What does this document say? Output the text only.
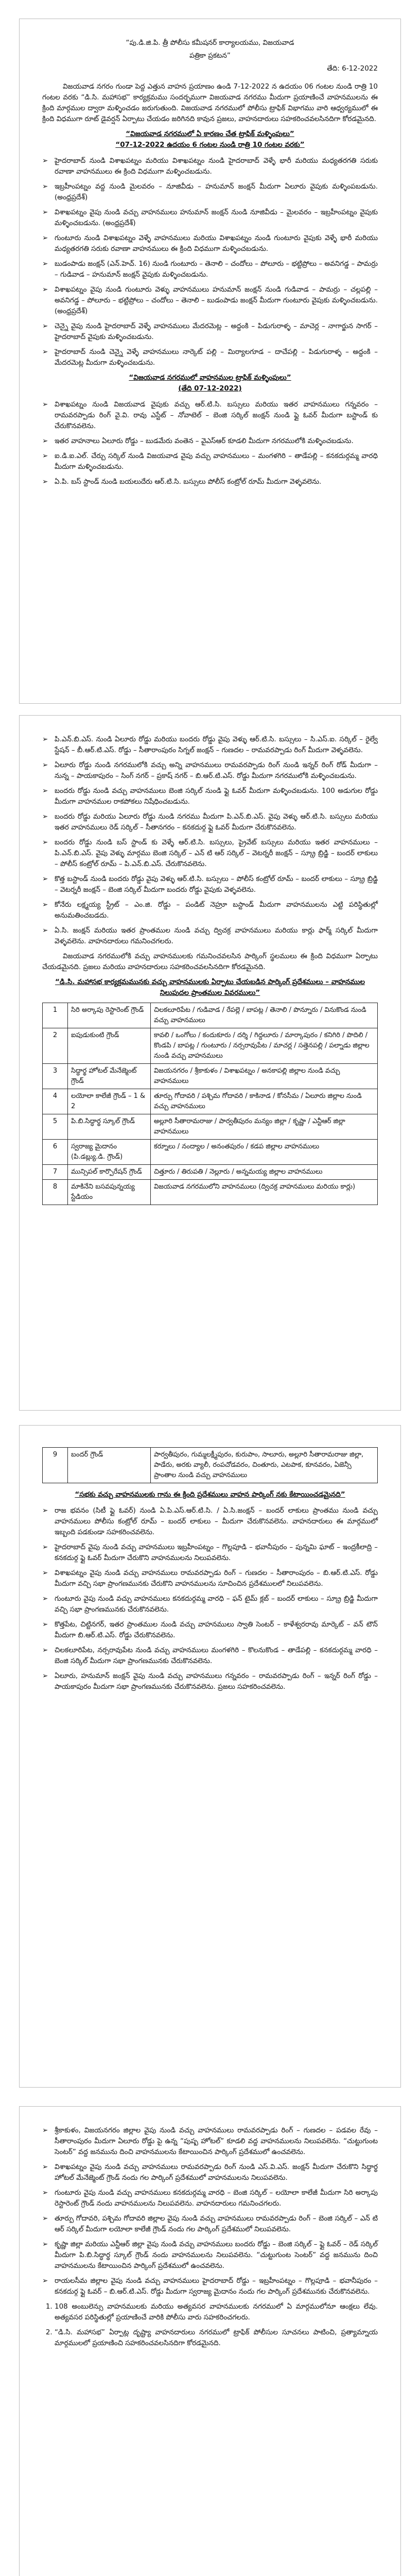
“పు.డి.జి.పి. త్రీ పోలీసు కమీషనర్ కార్యాలయము, విజయవాడ
పత్రికా ప్రకటన”
తేది: 6-12-2022

విజయవాడ నగరం గుండా పెద్ద ఎత్తున వాహన ప్రయాణం ఉండి 7-12-2022 న ఉదయం 06 గంటల నుండి రాత్రి 10 గంటల వరకు “డి.సి. మహాసభ” కార్యక్రమము సందర్భముగా విజయవాడ నగరము మీదుగా ప్రయాణించే వాహనములను ఈ క్రింది మార్గముల ద్వారా మళ్ళించడం జరుగుతుంది. విజయవాడ నగరములో పోలీసు ట్రాఫిక్ విభాగము వారి ఆధ్వర్యములో ఈ క్రింది విధముగా రూట్ డైవర్షన్ ఏర్పాటు చేయడం జరిగినది కావున ప్రజలు, వాహనదారులు సహకరించవలసినదిగా కోరడమైనది.

“విజయవాడ నగరములో ఏ కారణం చేత ట్రాఫిక్ మళ్ళింపులు”
“07-12-2022 ఉదయం 6 గంటల నుండి రాత్రి 10 గంటల వరకు”
➢ హైదరాబాద్ నుండి విశాఖపట్నం మరియు విశాఖపట్నం నుండి హైదరాబాద్ వెళ్ళే భారీ మరియు మధ్యతరగతి సరుకు రవాణా వాహనములు ఈ క్రింది విధముగా మళ్ళించబడును.
➢ ఇబ్రహీంపట్నం వద్ద నుండి మైలవరం – నూజివీడు – హనుమాన్ జంక్షన్ మీదుగా ఏలూరు వైపుకు మళ్ళింపబడును. (అంధ్రప్రదేశ్)
➢ విశాఖపట్నం వైపు నుండి వచ్చు వాహనములు హనుమాన్ జంక్షన్ నుండి నూజివీడు – మైలవరం – ఇబ్రహీంపట్నం వైపుకు మళ్ళించబడును. (అంధ్రప్రదేశ్)
➢ గుంటూరు నుండి విశాఖపట్నం వెళ్ళే వాహనములు మరియు విశాఖపట్నం నుండి గుంటూరు వైపుకు వెళ్ళే భారీ మరియు మధ్యతరగతి సరుకు రవాణా వాహనములు ఈ క్రింది విధముగా మళ్ళించబడును.
➢ బుడంపాడు జంక్షన్ (ఎన్.హెచ్. 16) నుండి గుంటూరు – తెనాలి – చందోలు – పోలూరు – భట్టిప్రోలు – అవనిగడ్డ – పామర్రు – గుడివాడ – హనుమాన్ జంక్షన్ వైపుకు మళ్ళించబడును.
➢ విశాఖపట్నం వైపు నుండి గుంటూరు వెళ్ళు వాహనములు హనుమాన్ జంక్షన్ నుండి గుడివాడ – పామర్రు – చల్లపల్లి – అవనిగడ్డ – పోలూరు – భట్టిప్రోలు – చందోలు – తెనాలి – బుడంపాడు జంక్షన్ మీదుగా గుంటూరు వైపుకు మళ్ళించబడును. (అంధ్రప్రదేశ్)
➢ చెన్నై వైపు నుండి హైదరాబాద్ వెళ్ళే వాహనములు మేదరమెట్ల – అద్దంకి – పిడుగురాళ్ళ – మాచెర్ల – నాగార్జున సాగర్ – హైదరాబాద్ వైపుకు మళ్ళించబడును.
➢ హైదరాబాద్ నుండి చెన్నై వెళ్ళే వాహనములు నార్కెట్ పల్లి – మిర్యాలగూడ – దాచేపల్లి – పిడుగురాళ్ళ – అద్దంకి – మేదరమెట్ల మీదుగా మళ్ళించబడును.
“విజయవాడ నగరములో వాహనముల ట్రాఫిక్ మళ్ళింపులు”
(తేది 07-12-2022)
➢ విశాఖపట్నం నుండి విజయవాడ వైపుకు వచ్చు ఆర్.టి.సి. బస్సులు మరియు ఇతర వాహనములు గన్నవరం – రామవరప్పాడు రింగ్ వై.వి. రావు ఎస్టేట్ – నోవాటెల్ – బెంజి సర్కిల్ జంక్షన్ నుండి ఫ్లై ఓవర్ మీదుగా బస్టాండ్ కు చేరుకొనవలెను.
➢ ఇతర వాహనాలు ఏలూరు రోడ్డు – బుడమేరు వంతెన – వైఎస్ఆర్ కూడలి మీదుగా నగరములోకి మళ్ళించబడును.
➢ ఐ.డి.ఐ.ఎల్. చేర్చు సర్కిల్ నుండి విజయవాడ వైపు వచ్చు వాహనములు – మంగళగిరి – తాడేపల్లి – కనకదుర్గమ్మ వారధి మీదుగా మళ్ళించబడును.
➢ ఏ.పి. బస్ స్టాండ్ నుండి బయలుదేరు ఆర్.టి.సి. బస్సులు పోలీస్ కంట్రోల్ రూమ్ మీదుగా వెళ్ళవలెను.
➢ పి.ఎన్.బి.ఎస్. నుండి ఏలూరు రోడ్డు మరియు బందరు రోడ్డు వైపు వెళ్ళు ఆర్.టి.సి. బస్సులు – సి.ఎస్.ఐ. సర్కిల్ – రైల్వే స్టేషన్ – బీ.ఆర్.టి.ఎస్. రోడ్డు – సీతారాంపురం సిగ్నల్ జంక్షన్ – గుణదల – రామవరప్పాడు రింగ్ మీదుగా వెళ్ళవలెను.
➢ ఏలూరు రోడ్డు నుండి నగరములోకి వచ్చు అన్ని వాహనములు రామవరప్పాడు రింగ్ నుండి ఇన్నర్ రింగ్ రోడ్ మీదుగా – నున్న – పాయకాపురం – సింగ్ నగర్ – ప్రకాష్ నగర్ – బి.ఆర్.టి.ఎస్. రోడ్డు మీదుగా నగరములోకి మళ్ళించబడును.
➢ బందరు రోడ్డు నుండి వచ్చు వాహనములు బెంజి సర్కిల్ నుండి ఫ్లై ఓవర్ మీదుగా మళ్ళించబడును. 100 అడుగుల రోడ్డు మీదుగా వాహనముల రాకపోకలు నిషేధించబడును.
➢ బందరు రోడ్డు మరియు ఏలూరు రోడ్డు నుండి నగరము మీదుగా పి.ఎన్.బి.ఎస్. వైపు వెళ్ళు ఆర్.టి.సి. బస్సులు మరియు ఇతర వాహనములు రెడ్ సర్కిల్ – సీతానగరం – కనకదుర్గ ఫ్లై ఓవర్ మీదుగా చేరుకొనవలెను.
➢ బందరు రోడ్డు నుండి బస్ స్టాండ్ కు వెళ్ళే ఆర్.టి.సి. బస్సులు, ప్రైవేట్ బస్సులు మరియు ఇతర వాహనములు – పి.ఎన్.బి.ఎస్. వైపు వెళ్ళు మార్గము బెంజి సర్కిల్ – ఎన్ టి ఆర్ సర్కిల్ – వెటర్నరీ జంక్షన్ – స్క్రూ బ్రిడ్జి – బందర్ లాకులు – పోలీస్ కంట్రోల్ రూమ్ – పి.ఎన్.బి.ఎస్. చేరుకొనవలెను.
➢ కొత్త బస్టాండ్ నుండి బందరు రోడ్డు వైపు వెళ్ళు ఆర్.టి.సి. బస్సులు – పోలీస్ కంట్రోల్ రూమ్ – బందర్ లాకులు – స్క్రూ బ్రిడ్జి – వెటర్నరీ జంక్షన్ – బెంజి సర్కిల్ మీదుగా బందరు రోడ్డు వైపుకు వెళ్ళవలెను.
➢ కోనేరు లక్ష్మయ్య స్ట్రీట్ – ఎం.జి. రోడ్డు – పండిట్ నెహ్రూ బస్టాండ్ మీదుగా వాహనములను ఎట్టి పరిస్థితుల్లో అనుమతించబడదు.
➢ ఏ.సి. జంక్షన్ మరియు ఇతర ప్రాంతముల నుండి వచ్చు ద్విచక్ర వాహనములు మరియు కార్లు ఫార్మ్ సర్కిల్ మీదుగా వెళ్ళవలెను. వాహనదారులు గమనించగలరు.

విజయవాడ నగరములోకి వచ్చు వాహనములకు గమనించవలసిన పార్కింగ్ స్థలములు ఈ క్రింది విధముగా ఏర్పాటు చేయడమైనది. ప్రజలు మరియు వాహనదారులు సహకరించవలసినదిగా కోరడమైనది.

“డి.సి. మహాసభ కార్యక్రమమునకు వచ్చు వాహనములకు ఏర్పాటు చేయబడిన పార్కింగ్ ప్రదేశములు – వాహనముల నిలుపుదల ప్రాంతముల వివరములు”
1	సిరి అర్కాపు రెస్టారెంట్ గ్రౌండ్	చిలకలూరిపేట / గుడివాడ / రేపల్లె / బాపట్ల / తెనాలి / పొన్నూరు / వినుకొండ నుండి వచ్చు వాహనములు
2	ఐపుడుకుంటి గ్రౌండ్	కావలి / ఒంగోలు / కందుకూరు / దర్శి / గిద్దలూరు / మార్కాపురం / కనిగిరి / పొదిలి / కొండపి / బాపట్ల / గుంటూరు / నర్సరావుపేట / మాచర్ల / సత్తెనపల్లి / పల్నాడు జిల్లాల నుండి వచ్చు వాహనములు
3	సిద్ధార్థ హోటల్ మేనేజ్మెంట్ గ్రౌండ్	విజయనగరం / శ్రీకాకుళం / విశాఖపట్నం / అనకాపల్లి జిల్లాల నుండి వచ్చు వాహనములు
4	లయోలా కాలేజీ గ్రౌండ్ – 1 & 2	తూర్పు గోదావరి / పశ్చిమ గోదావరి / కాకినాడ / కోనసీమ / ఏలూరు జిల్లాల నుండి వచ్చు వాహనములు
5	పి.బి.సిద్ధార్థ స్కూల్ గ్రౌండ్	అల్లూరి సీతారామరాజు / పార్వతీపురం మన్యం జిల్లా / కృష్ణా / ఎన్టీఆర్ జిల్లా వాహనములు
6	స్వరాజ్య మైదానం (పి.డబ్ల్యు.డి. గ్రౌండ్)	కర్నూలు / నంద్యాల / అనంతపురం / కడప జిల్లాల వాహనములు
7	మున్సిపల్ కార్పొరేషన్ గ్రౌండ్	చిత్తూరు / తిరుపతి / నెల్లూరు / అన్నమయ్య జిల్లాల వాహనములు
8	మాకినేని బసవపున్నయ్య స్టేడియం	విజయవాడ నగరములోని వాహనములు (ద్విచక్ర వాహనములు మరియు కార్లు)
9	బందర్ గ్రౌండ్	పార్వతీపురం, గుమ్మలక్ష్మీపురం, కురుపాం, సాలూరు, అల్లూరి సీతారామరాజు జిల్లా, పాడేరు, అరకు వ్యాలీ, రంపచోడవరం, చింతూరు, ఎటపాక, కూనవరం, ఏజెన్సీ ప్రాంతాల నుండి వచ్చు వాహనములు
“సభకు వచ్చు వాహనములకు గాను ఈ క్రింది ప్రదేశములు వాహన పార్కింగ్ నకు కేటాయించడమైనది”
➢ రాజ భవనం (సిటీ ఫ్లై ఓవర్) నుండి ఏ.పి.ఎస్.ఆర్.టి.సి. / ఏ.సి.జంక్షన్ – బందర్ లాకులు ప్రాంతము నుండి వచ్చు వాహనములు పోలీసు కంట్రోల్ రూమ్ – బందర్ లాకులు – మీదుగా చేరుకొనవలెను. వాహనదారులు ఈ మార్గములో ఇబ్బంది పడకుండా సహకరించవలెను.
➢ హైదరాబాద్ వైపు నుండి వచ్చు వాహనములు ఇబ్రహీంపట్నం – గొల్లపూడి – భవానీపురం – పున్నమి ఘాట్ – ఇంద్రకీలాద్రి – కనకదుర్గ ఫ్లై ఓవర్ మీదుగా చేరుకొని వాహనములను నిలుపవలెను.
➢ విశాఖపట్నం వైపు నుండి వచ్చు వాహనములు రామవరప్పాడు రింగ్ – గుణదల – సీతారాంపురం – బి.ఆర్.టి.ఎస్. రోడ్డు మీదుగా వచ్చి సభా ప్రాంగణమునకు చేరుకొని వాహనములను సూచించిన ప్రదేశములలో నిలుపవలెను.
➢ గుంటూరు వైపు నుండి వచ్చు వాహనములు కనకదుర్గమ్మ వారధి – ఫన్ టైమ్ క్లబ్ – బందర్ లాకులు – స్క్రూ బ్రిడ్జి మీదుగా వచ్చి సభా ప్రాంగణమునకు చేరుకొనవలెను.
➢ కొత్తపేట, చిట్టినగర్, ఇతర ప్రాంతముల నుండి వచ్చు వాహనములు స్వాతి సెంటర్ – కాళేశ్వరరావు మార్కెట్ – వన్ టౌన్ మీదుగా బి.ఆర్.టి.ఎస్. రోడ్డు చేరుకొనవలెను.
➢ చిలకలూరిపేట, నర్సరావుపేట నుండి వచ్చు వాహనములు మంగళగిరి – కొలనుకొండ – తాడేపల్లి – కనకదుర్గమ్మ వారధి – బెంజి సర్కిల్ మీదుగా సభా ప్రాంగణమునకు చేరుకొనవలెను.
➢ ఏలూరు, హనుమాన్ జంక్షన్ వైపు నుండి వచ్చు వాహనములు గన్నవరం – రామవరప్పాడు రింగ్ – ఇన్నర్ రింగ్ రోడ్డు – పాయకాపురం మీదుగా సభా ప్రాంగణమునకు చేరుకొనవలెను. ప్రజలు సహకరించవలెను.
➢ శ్రీకాకుళం, విజయనగరం జిల్లాల వైపు నుండి వచ్చు వాహనములు రామవరప్పాడు రింగ్ – గుణదల – పడవల రేవు – సీతారాంపురం మీదుగా ఏలూరు రోడ్డు పై ఉన్న “పుష్ప హోటల్” కూడలి వద్ద వాహనములను నిలుపవలెను. “చుట్టుగుంట సెంటర్” వద్ద జనమును దించి వాహనములను కేటాయించిన పార్కింగ్ ప్రదేశములో ఉంచవలెను.
➢ విశాఖపట్నం వైపు నుండి వచ్చు వాహనములు రామవరప్పాడు రింగ్ నుండి ఎస్.వి.ఎస్. జంక్షన్ మీదుగా చేరుకొని సిద్ధార్థ హోటల్ మేనేజ్మెంట్ గ్రౌండ్ నందు గల పార్కింగ్ ప్రదేశములో వాహనములను నిలుపవలెను.
➢ గుంటూరు వైపు నుండి వచ్చు వాహనములు కనకదుర్గమ్మ వారధి – బెంజి సర్కిల్ – లయోలా కాలేజీ మీదుగా సిరి అర్కాపు రెస్టారెంట్ గ్రౌండ్ నందు వాహనములను నిలుపవలెను. వాహనదారులు గమనించగలరు.
➢ తూర్పు గోదావరి, పశ్చిమ గోదావరి జిల్లాల వైపు నుండి వచ్చు వాహనములు రామవరప్పాడు రింగ్ – బెంజి సర్కిల్ – ఎన్ టి ఆర్ సర్కిల్ మీదుగా లయోలా కాలేజీ గ్రౌండ్ నందు గల పార్కింగ్ ప్రదేశములో నిలుపవలెను.
➢ కృష్ణా జిల్లా మరియు ఎన్టీఆర్ జిల్లా వైపు నుండి వచ్చు వాహనములు బందరు రోడ్డు – బెంజి సర్కిల్ – ఫ్లై ఓవర్ – రెడ్ సర్కిల్ మీదుగా పి.బి.సిద్ధార్థ స్కూల్ గ్రౌండ్ నందు వాహనములను నిలుపవలెను. “చుట్టుగుంట సెంటర్” వద్ద జనమును దించి వాహనములను కేటాయించిన పార్కింగ్ ప్రదేశములో ఉంచవలెను.
➢ రాయలసీమ జిల్లాల వైపు నుండి వచ్చు వాహనములు హైదరాబాద్ రోడ్డు – ఇబ్రహీంపట్నం – గొల్లపూడి – భవానీపురం – కనకదుర్గ ఫ్లై ఓవర్ – బి.ఆర్.టి.ఎస్. రోడ్డు మీదుగా స్వరాజ్య మైదానం నందు గల పార్కింగ్ ప్రదేశమునకు చేరుకొనవలెను.
1. 108 అంబులెన్సు వాహనములకు మరియు అత్యవసర వాహనములకు నగరములో ఏ మార్గములోనూ ఆంక్షలు లేవు. అత్యవసర పరిస్థితుల్లో ప్రయాణించే వారికి పోలీసు వారు సహకరించగలరు.
2. “డి.సి. మహాసభ” ఏర్పాట్ల దృష్ట్యా వాహనదారులు నగరములో ట్రాఫిక్ పోలీసుల సూచనలు పాటించి, ప్రత్యామ్నాయ మార్గములలో ప్రయాణించి సహకరించవలసినదిగా కోరడమైనది.
